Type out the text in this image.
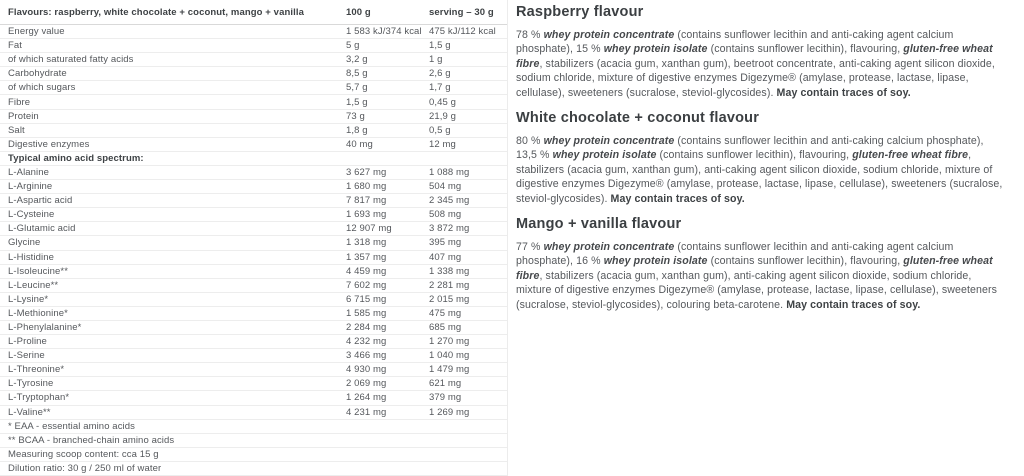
Flavours: raspberry, white chocolate + coconut, mango + vanilla	100 g	serving – 30 g
Energy value	1 583 kJ/374 kcal 475 kJ/112 kcal
Fat	5 g	1,5 g
of which saturated fatty acids	3,2 g	1 g
Carbohydrate	8,5 g	2,6 g
of which sugars	5,7 g	1,7 g
Fibre	1,5 g	0,45 g
Protein	73 g	21,9 g
Salt	1,8 g	0,5 g
Digestive enzymes	40 mg	12 mg
Typical amino acid spectrum:
L-Alanine	3 627 mg	1 088 mg
L-Arginine	1 680 mg	504 mg
L-Aspartic acid	7 817 mg	2 345 mg
L-Cysteine	1 693 mg	508 mg
L-Glutamic acid	12 907 mg	3 872 mg
Glycine	1 318 mg	395 mg
L-Histidine	1 357 mg	407 mg
L-Isoleucine**	4 459 mg	1 338 mg
L-Leucine**	7 602 mg	2 281 mg
L-Lysine*	6 715 mg	2 015 mg
L-Methionine*	1 585 mg	475 mg
L-Phenylalanine*	2 284 mg	685 mg
L-Proline	4 232 mg	1 270 mg
L-Serine	3 466 mg	1 040 mg
L-Threonine*	4 930 mg	1 479 mg
L-Tyrosine	2 069 mg	621 mg
L-Tryptophan*	1 264 mg	379 mg
L-Valine**	4 231 mg	1 269 mg
* EAA - essential amino acids
** BCAA - branched-chain amino acids
Measuring scoop content: cca 15 g
Dilution ratio: 30 g / 250 ml of water
Raspberry flavour

78 % whey protein concentrate (contains sunflower lecithin and anti-caking agent calcium phosphate), 15 % whey protein isolate (contains sunflower lecithin), flavouring, gluten-free wheat fibre, stabilizers (acacia gum, xanthan gum), beetroot concentrate, anti-caking agent silicon dioxide, sodium chloride, mixture of digestive enzymes Digezyme® (amylase, protease, lactase, lipase, cellulase), sweeteners (sucralose, steviol-glycosides). May contain traces of soy.

White chocolate + coconut flavour

80 % whey protein concentrate (contains sunflower lecithin and anti-caking calcium phosphate), 13,5 % whey protein isolate (contains sunflower lecithin), flavouring, gluten-free wheat fibre, stabilizers (acacia gum, xanthan gum), anti-caking agent silicon dioxide, sodium chloride, mixture of digestive enzymes Digezyme® (amylase, protease, lactase, lipase, cellulase), sweeteners (sucralose, steviol-glycosides). May contain traces of soy.

Mango + vanilla flavour

77 % whey protein concentrate (contains sunflower lecithin and anti-caking agent calcium phosphate), 16 % whey protein isolate (contains sunflower lecithin), flavouring, gluten-free wheat fibre, stabilizers (acacia gum, xanthan gum), anti-caking agent silicon dioxide, sodium chloride, mixture of digestive enzymes Digezyme® (amylase, protease, lactase, lipase, cellulase), sweeteners (sucralose, steviol-glycosides), colouring beta-carotene. May contain traces of soy.
